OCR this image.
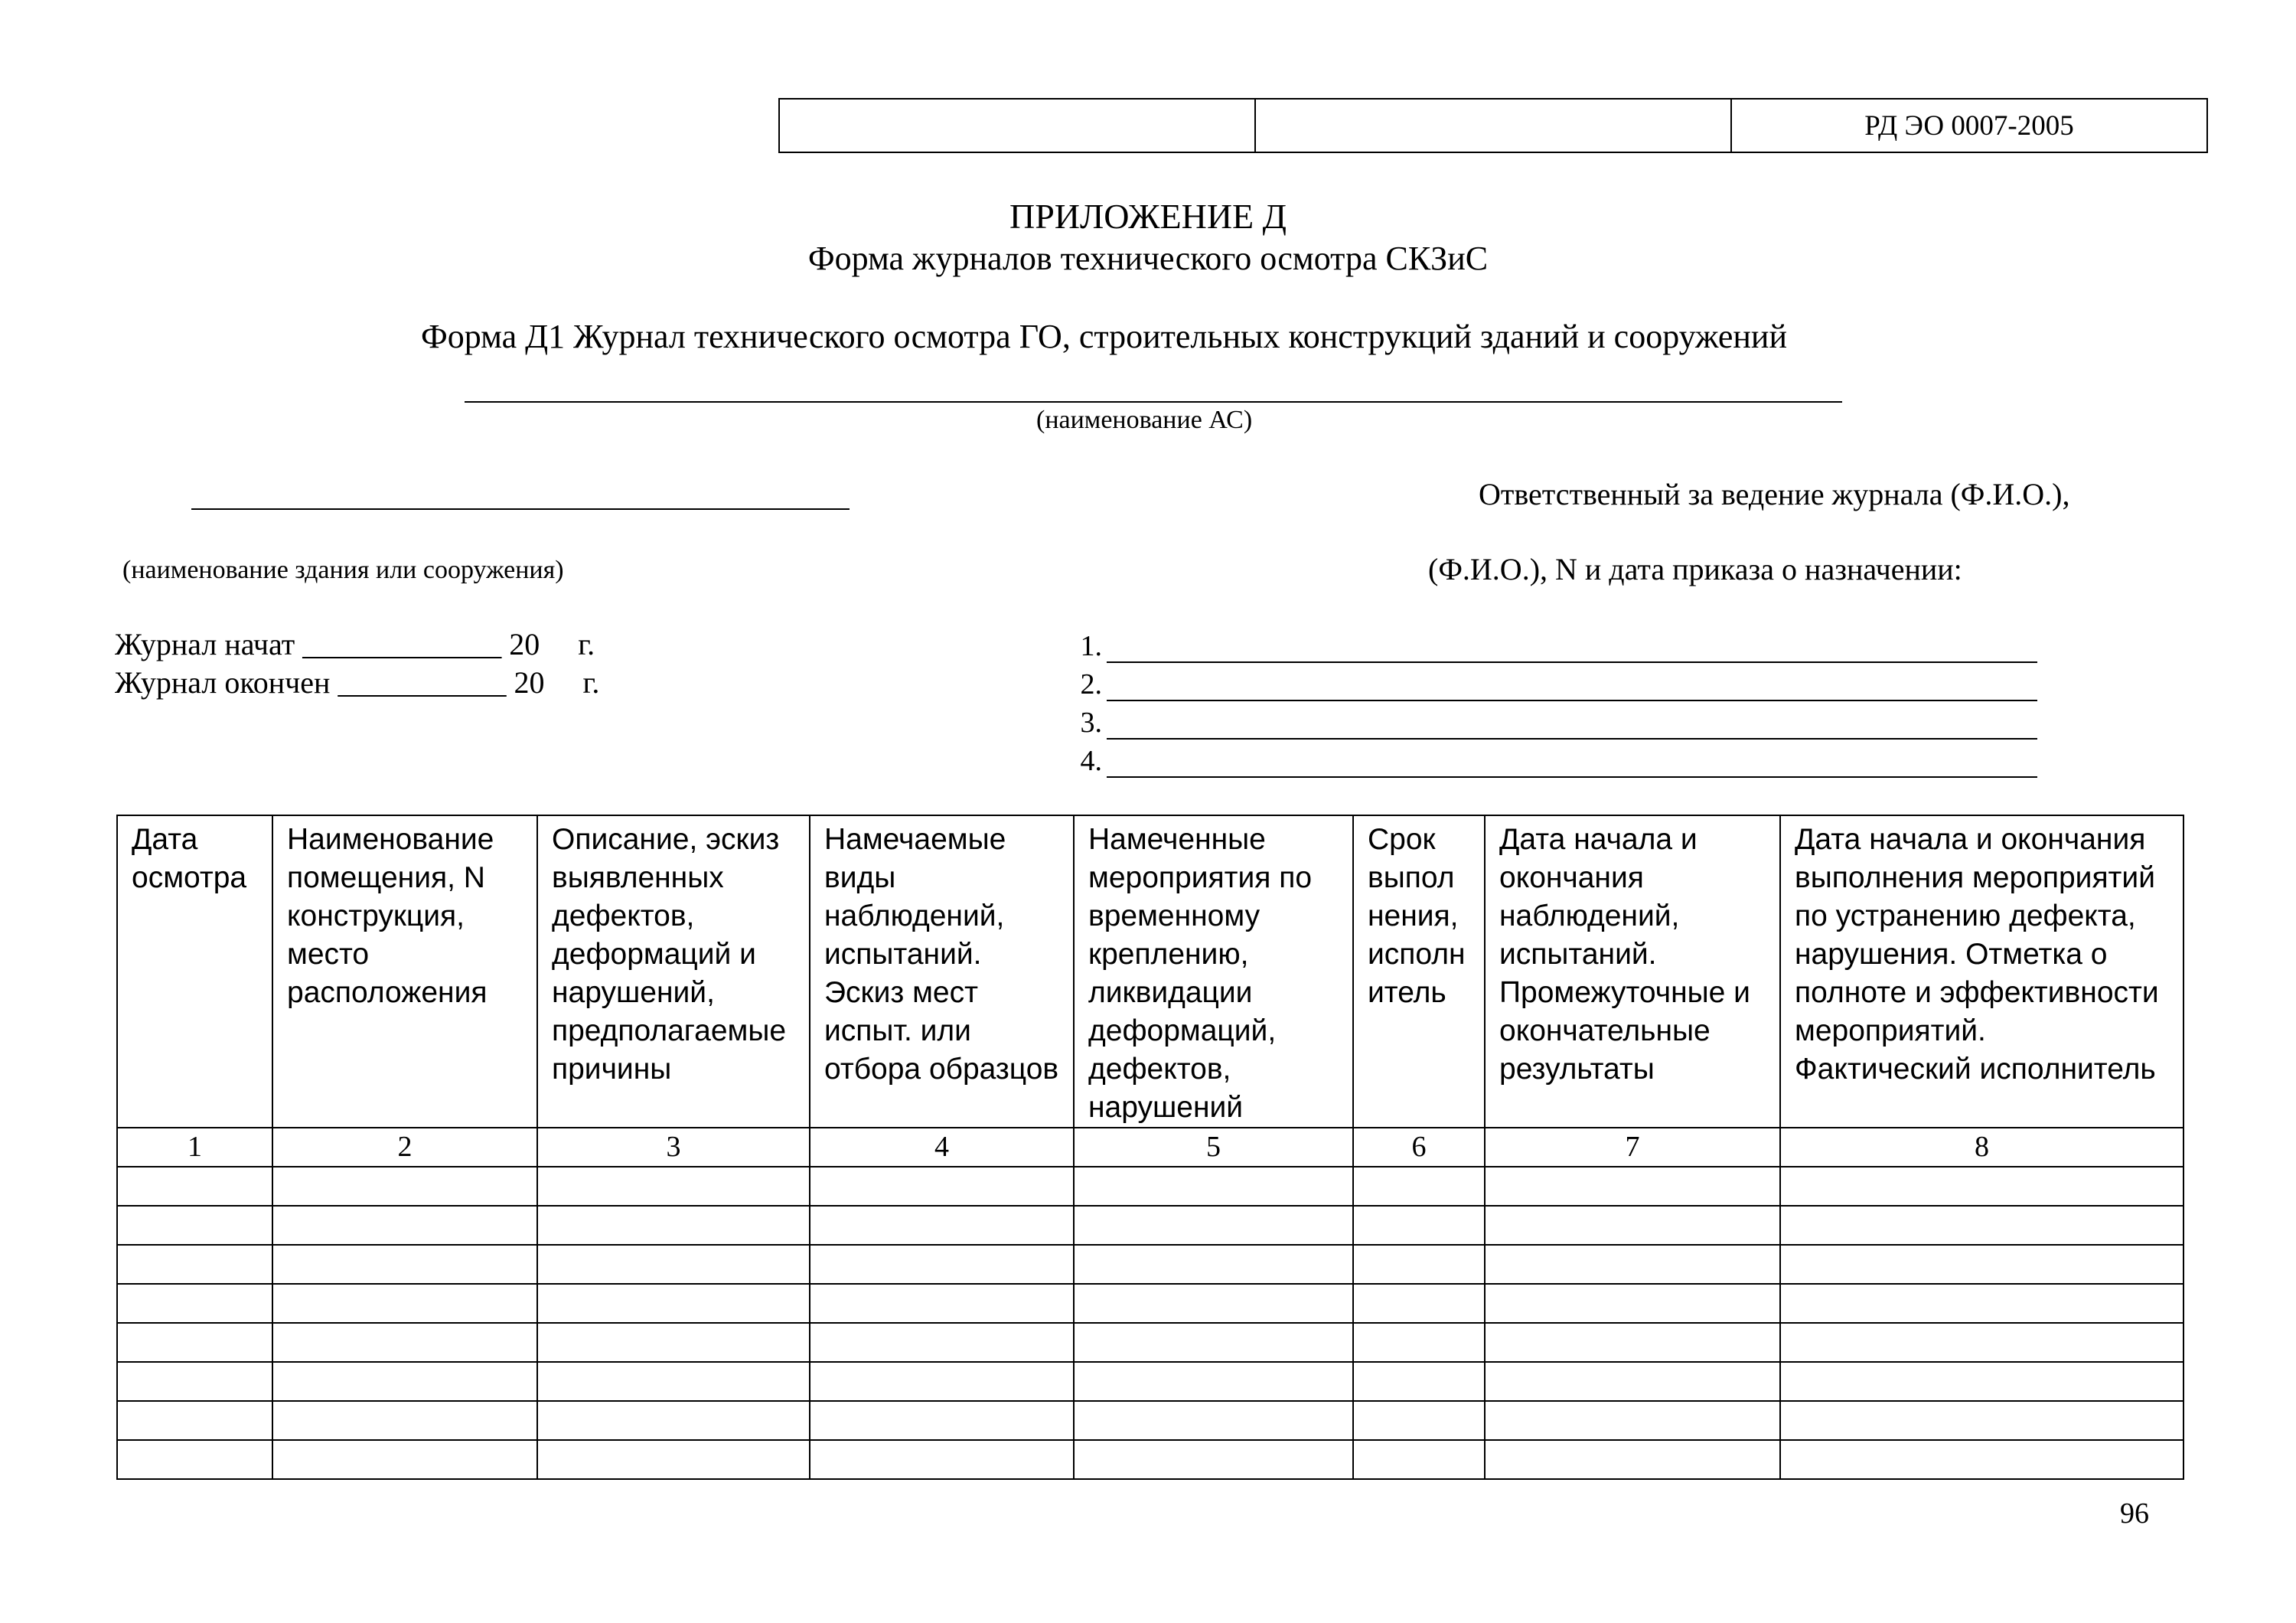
РД ЭО 0007-2005
ПРИЛОЖЕНИЕ Д
Форма журналов технического осмотра СКЗиС
Форма Д1 Журнал технического осмотра ГО, строительных конструкций зданий и сооружений
(наименование АС)
Ответственный за ведение журнала (Ф.И.О.),
(наименование здания или сооружения)	(Ф.И.О.), N и дата приказа о назначении:
Журнал начат _____________ 20     г.
Журнал окончен ___________ 20     г.
1.
2.
3.
4.
Дата осмотра	Наименование помещения, N конструкция, место расположения	Описание, эскиз выявленных дефектов, деформаций и нарушений, предполагаемые причины	Намечаемые виды наблюдений, испытаний. Эскиз мест испыт. или отбора образцов	Намеченные мероприятия по временному креплению, ликвидации деформаций, дефектов, нарушений	Срок выпол нения, исполн итель	Дата начала и окончания наблюдений, испытаний. Промежуточные и окончательные результаты	Дата начала и окончания выполнения мероприятий по устранению дефекта, нарушения. Отметка о полноте и эффективности мероприятий. Фактический исполнитель
1	2	3	4	5	6	7	8

96
